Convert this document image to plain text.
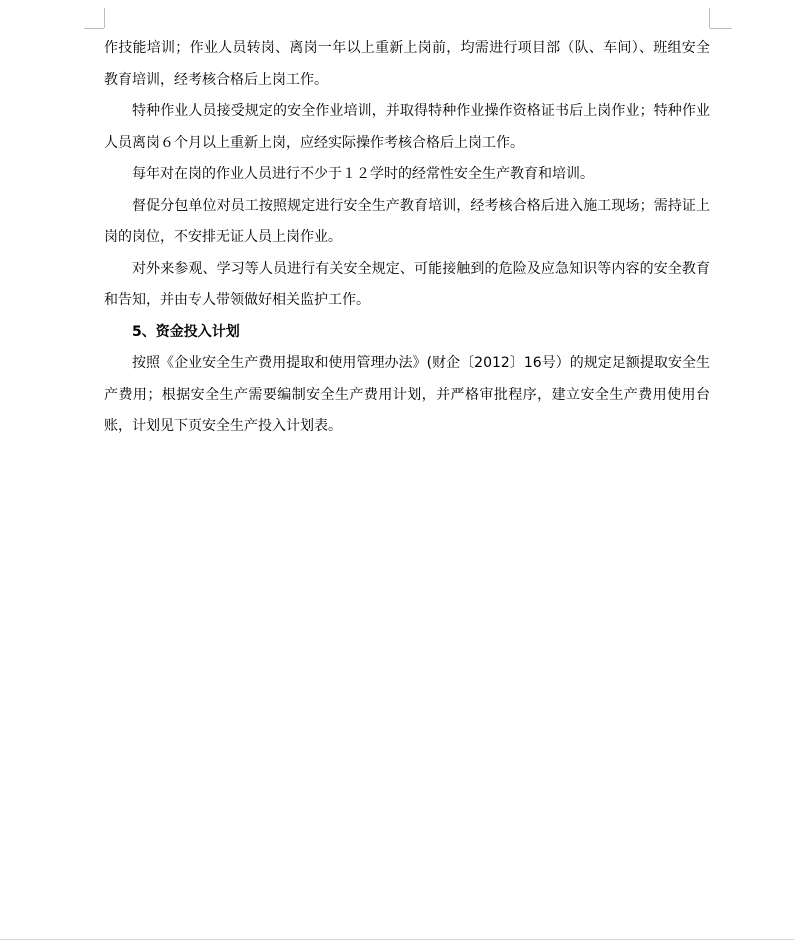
作技能培训；作业人员转岗、离岗一年以上重新上岗前，均需进行项目部（队、车间）、班组安全教育培训，经考核合格后上岗工作。

特种作业人员接受规定的安全作业培训，并取得特种作业操作资格证书后上岗作业；特种作业人员离岗６个月以上重新上岗，应经实际操作考核合格后上岗工作。

每年对在岗的作业人员进行不少于１２学时的经常性安全生产教育和培训。

督促分包单位对员工按照规定进行安全生产教育培训，经考核合格后进入施工现场；需持证上岗的岗位，不安排无证人员上岗作业。

对外来参观、学习等人员进行有关安全规定、可能接触到的危险及应急知识等内容的安全教育和告知，并由专人带领做好相关监护工作。

5、资金投入计划

按照《企业安全生产费用提取和使用管理办法》(财企〔2012〕16号）的规定足额提取安全生产费用；根据安全生产需要编制安全生产费用计划，并严格审批程序，建立安全生产费用使用台账，计划见下页安全生产投入计划表。
